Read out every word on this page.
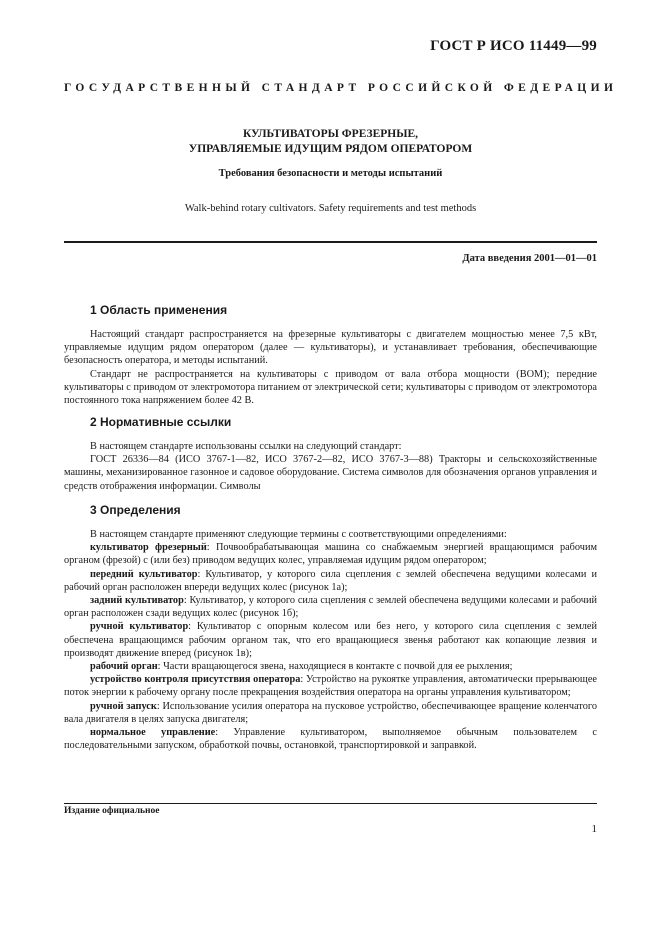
ГОСТ Р ИСО 11449—99
ГОСУДАРСТВЕННЫЙ СТАНДАРТ РОССИЙСКОЙ ФЕДЕРАЦИИ
КУЛЬТИВАТОРЫ ФРЕЗЕРНЫЕ,
УПРАВЛЯЕМЫЕ ИДУЩИМ РЯДОМ ОПЕРАТОРОМ
Требования безопасности и методы испытаний
Walk-behind rotary cultivators. Safety requirements and test methods
Дата введения 2001—01—01
1 Область применения

Настоящий стандарт распространяется на фрезерные культиваторы с двигателем мощностью менее 7,5 кВт, управляемые идущим рядом оператором (далее — культиваторы), и устанавливает требования, обеспечивающие безопасность оператора, и методы испытаний.

Стандарт не распространяется на культиваторы с приводом от вала отбора мощности (ВОМ); передние культиваторы с приводом от электромотора питанием от электрической сети; культиваторы с приводом от электромотора постоянного тока напряжением более 42 В.

2 Нормативные ссылки

В настоящем стандарте использованы ссылки на следующий стандарт:

ГОСТ 26336—84 (ИСО 3767-1—82, ИСО 3767-2—82, ИСО 3767-3—88) Тракторы и сельскохозяйственные машины, механизированное газонное и садовое оборудование. Система символов для обозначения органов управления и средств отображения информации. Символы

3 Определения

В настоящем стандарте применяют следующие термины с соответствующими определениями:

культиватор фрезерный: Почвообрабатывающая машина со снабжаемым энергией вращающимся рабочим органом (фрезой) с (или без) приводом ведущих колес, управляемая идущим рядом оператором;

передний культиватор: Культиватор, у которого сила сцепления с землей обеспечена ведущими колесами и рабочий орган расположен впереди ведущих колес (рисунок 1а);

задний культиватор: Культиватор, у которого сила сцепления с землей обеспечена ведущими колесами и рабочий орган расположен сзади ведущих колес (рисунок 1б);

ручной культиватор: Культиватор с опорным колесом или без него, у которого сила сцепления с землей обеспечена вращающимся рабочим органом так, что его вращающиеся звенья работают как копающие лезвия и производят движение вперед (рисунок 1в);

рабочий орган: Части вращающегося звена, находящиеся в контакте с почвой для ее рыхления;

устройство контроля присутствия оператора: Устройство на рукоятке управления, автоматически прерывающее поток энергии к рабочему органу после прекращения воздействия оператора на органы управления культиватором;

ручной запуск: Использование усилия оператора на пусковое устройство, обеспечивающее вращение коленчатого вала двигателя в целях запуска двигателя;

нормальное управление: Управление культиватором, выполняемое обычным пользователем с последовательными запуском, обработкой почвы, остановкой, транспортировкой и заправкой.

Издание официальное
1
